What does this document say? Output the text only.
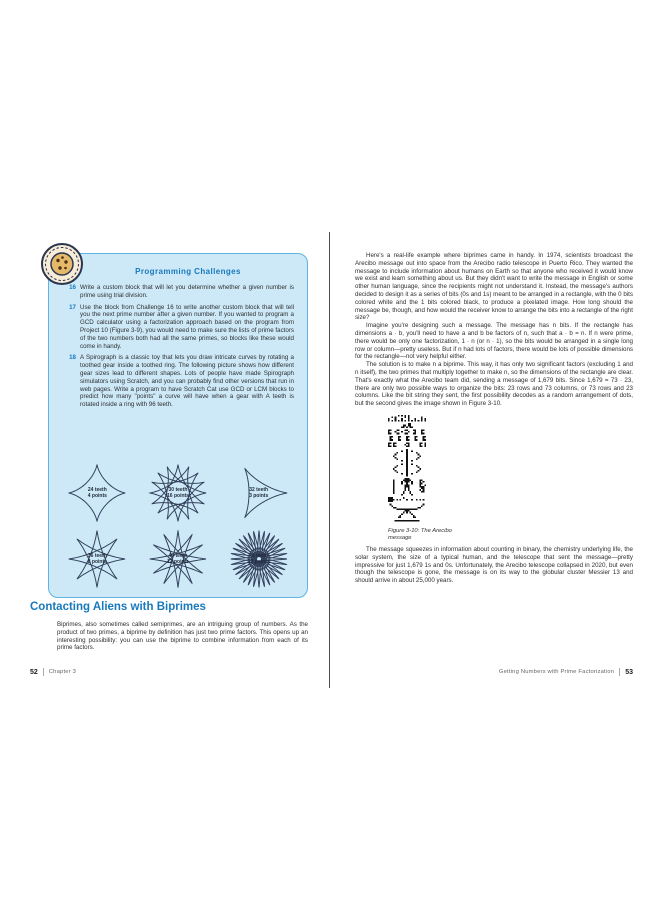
Programming Challenges
16 Write a custom block that will let you determine whether a given number is prime using trial division.
17 Use the block from Challenge 16 to write another custom block that will tell you the next prime number after a given number. If you wanted to program a GCD calculator using a factorization approach based on the program from Project 10 (Figure 3-9), you would need to make sure the lists of prime factors of the two numbers both had all the same primes, so blocks like these would come in handy.
18 A Spirograph is a classic toy that lets you draw intricate curves by rotating a toothed gear inside a toothed ring. The following picture shows how different gear sizes lead to different shapes. Lots of people have made Spirograph simulators using Scratch, and you can probably find other versions that run in web pages. Write a program to have Scratch Cat use GCD or LCM blocks to predict how many "points" a curve will have when a gear with A teeth is rotated inside a ring with 96 teeth.
24 teeth
4 points
30 teeth
16 points
32 teeth
3 points
36 teeth
8 points
40 teeth
12 points
45 teeth
32 points
Contacting Aliens with Biprimes

Biprimes, also sometimes called semiprimes, are an intriguing group of numbers. As the product of two primes, a biprime by definition has just two prime factors. This opens up an interesting possibility: you can use the biprime to combine information from each of its prime factors.

52 Chapter 3

Here's a real-life example where biprimes came in handy. In 1974, scientists broadcast the Arecibo message out into space from the Arecibo radio telescope in Puerto Rico. They wanted the message to include information about humans on Earth so that anyone who received it would know we exist and learn something about us. But they didn't want to write the message in English or some other human language, since the recipients might not understand it. Instead, the message's authors decided to design it as a series of bits (0s and 1s) meant to be arranged in a rectangle, with the 0 bits colored white and the 1 bits colored black, to produce a pixelated image. How long should the message be, though, and how would the receiver know to arrange the bits into a rectangle of the right size?

Imagine you're designing such a message. The message has n bits. If the rectangle has dimensions a · b, you'll need to have a and b be factors of n, such that a · b = n. If n were prime, there would be only one factorization, 1 · n (or n · 1), so the bits would be arranged in a single long row or column—pretty useless. But if n had lots of factors, there would be lots of possible dimensions for the rectangle—not very helpful either.

The solution is to make n a biprime. This way, it has only two significant factors (excluding 1 and n itself), the two primes that multiply together to make n, so the dimensions of the rectangle are clear. That's exactly what the Arecibo team did, sending a message of 1,679 bits. Since 1,679 = 73 · 23, there are only two possible ways to organize the bits: 23 rows and 73 columns, or 73 rows and 23 columns. Like the bit string they sent, the first possibility decodes as a random arrangement of dots, but the second gives the image shown in Figure 3-10.

Figure 3-10: The Arecibo message

The message squeezes in information about counting in binary, the chemistry underlying life, the solar system, the size of a typical human, and the telescope that sent the message—pretty impressive for just 1,679 1s and 0s. Unfortunately, the Arecibo telescope collapsed in 2020, but even though the telescope is gone, the message is on its way to the globular cluster Messier 13 and should arrive in about 25,000 years.

Getting Numbers with Prime Factorization 53
